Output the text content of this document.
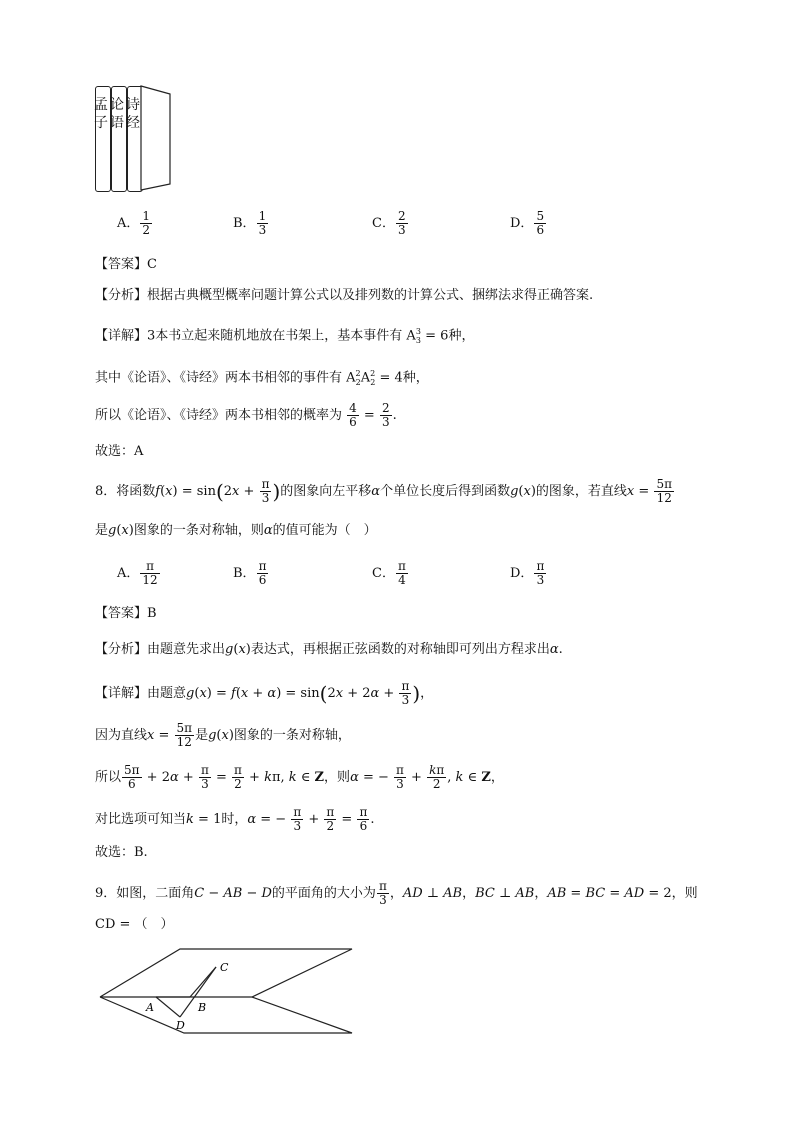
孟子
论语
诗经
A． $\frac{1}{2}$	B． $\frac{1}{3}$	C． $\frac{2}{3}$	D． $\frac{5}{6}$
【答案】C
【分析】根据古典概型概率问题计算公式以及排列数的计算公式、捆绑法求得正确答案.
【详解】3本书立起来随机地放在书架上，基本事件有 $A^3_3 = 6$种，
其中《论语》、《诗经》两本书相邻的事件有 $A^2_2A^2_2 = 4$种，
所以《论语》、《诗经》两本书相邻的概率为 $\frac{4}{6} = \frac{2}{3}$ .
故选：A
8．将函数$f(x) = \sin(2x + \frac{\pi}{3}$ )的图象向左平移α个单位长度后得到函数g(x)的图象，若直线$x = \frac{5\pi}{12}$
是g(x)图象的一条对称轴，则α的值可能为（　）
A． $\frac{\pi}{12}$	B． $\frac{\pi}{6}$	C． $\frac{\pi}{4}$	D． $\frac{\pi}{3}$
【答案】B
【分析】由题意先求出g(x)表达式，再根据正弦函数的对称轴即可列出方程求出α.
【详解】由题意$g(x) = f(x + \alpha) = \sin(2x + 2\alpha + \frac{\pi}{3}$ )，
因为直线$x = \frac{5\pi}{12}$ 是g(x)图象的一条对称轴，
所以 $\frac{5\pi}{6} + 2\alpha + \frac{\pi}{3} = \frac{\pi}{2} + k\pi$, k ∈ Z，则α = − $\frac{\pi}{3} + \frac{k\pi}{2}$ , k ∈ Z，
对比选项可知当k = 1时，α = − $\frac{\pi}{3} + \frac{\pi}{2} = \frac{\pi}{6}$ .
故选：B.
9．如图，二面角C − AB − D的平面角的大小为 $\frac{\pi}{3}$ ，AD ⊥ AB，BC ⊥ AB，AB = BC = AD = 2，则
CD = （　）
A	B
C
D
